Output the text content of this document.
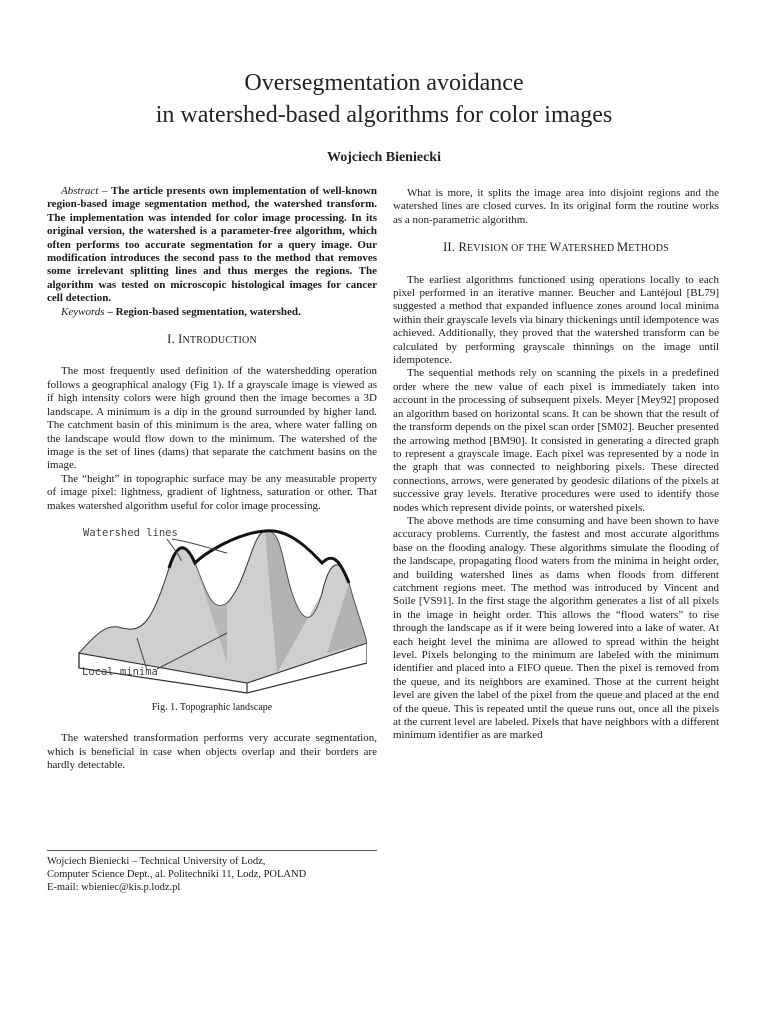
Oversegmentation avoidance
in watershed-based algorithms for color images
Wojciech Bieniecki

Abstract – The article presents own implementation of well-known region-based image segmentation method, the watershed transform. The implementation was intended for color image processing. In its original version, the watershed is a parameter-free algorithm, which often performs too accurate segmentation for a query image. Our modification introduces the second pass to the method that removes some irrelevant splitting lines and thus merges the regions. The algorithm was tested on microscopic histological images for cancer cell detection.

Keywords – Region-based segmentation, watershed.

I. INTRODUCTION

The most frequently used definition of the watershedding operation follows a geographical analogy (Fig 1). If a grayscale image is viewed as if high intensity colors were high ground then the image becomes a 3D landscape. A minimum is a dip in the ground surrounded by higher land. The catchment basin of this minimum is the area, where water falling on the landscape would flow down to the minimum. The watershed of the image is the set of lines (dams) that separate the catchment basins on the image.

The “height” in topographic surface may be any measurable property of image pixel: lightness, gradient of lightness, saturation or other. That makes watershed algorithm useful for color image processing.

Watershed lines
Local minima
Fig. 1. Topographic landscape

The watershed transformation performs very accurate segmentation, which is beneficial in case when objects overlap and their borders are hardly detectable.

Wojciech Bieniecki – Technical University of Lodz,
Computer Science Dept., al. Politechniki 11, Lodz, POLAND
E-mail: wbieniec@kis.p.lodz.pl

What is more, it splits the image area into disjoint regions and the watershed lines are closed curves. In its original form the routine works as a non-parametric algorithm.

II. REVISION OF THE WATERSHED METHODS

The earliest algorithms functioned using operations locally to each pixel performed in an iterative manner. Beucher and Lantéjoul [BL79] suggested a method that expanded influence zones around local minima within their grayscale levels via binary thickenings until idempotence was achieved. Additionally, they proved that the watershed transform can be calculated by performing grayscale thinnings on the image until idempotence.

The sequential methods rely on scanning the pixels in a predefined order where the new value of each pixel is immediately taken into account in the processing of subsequent pixels. Meyer [Mey92] proposed an algorithm based on horizontal scans. It can be shown that the result of the transform depends on the pixel scan order [SM02]. Beucher presented the arrowing method [BM90]. It consisted in generating a directed graph to represent a grayscale image. Each pixel was represented by a node in the graph that was connected to neighboring pixels. These directed connections, arrows, were generated by geodesic dilations of the pixels at successive gray levels. Iterative procedures were used to identify those nodes which represent divide points, or watershed pixels.

The above methods are time consuming and have been shown to have accuracy problems. Currently, the fastest and most accurate algorithms base on the flooding analogy. These algorithms simulate the flooding of the landscape, propagating flood waters from the minima in height order, and building watershed lines as dams when floods from different catchment regions meet. The method was introduced by Vincent and Soile [VS91]. In the first stage the algorithm generates a list of all pixels in the image in height order. This allows the “flood waters” to rise through the landscape as if it were being lowered into a lake of water. At each height level the minima are allowed to spread within the height level. Pixels belonging to the minimum are labeled with the minimum identifier and placed into a FIFO queue. Then the pixel is removed from the queue, and its neighbors are examined. Those at the current height level are given the label of the pixel from the queue and placed at the end of the queue. This is repeated until the queue runs out, once all the pixels at the current level are labeled. Pixels that have neighbors with a different minimum identifier as are marked
